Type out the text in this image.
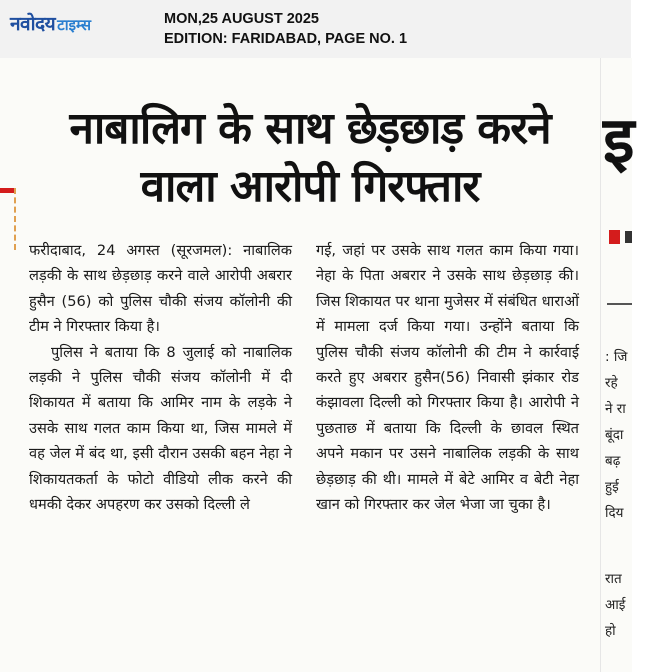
नवोदय टाइम्स	MON,25 AUGUST 2025
EDITION: FARIDABAD, PAGE NO. 1
नाबालिग के साथ छेड़छाड़ करने
वाला आरोपी गिरफ्तार

फरीदाबाद, 24 अगस्त (सूरजमल): नाबालिक लड़की के साथ छेड़छाड़ करने वाले आरोपी अबरार हुसैन (56) को पुलिस चौकी संजय कॉलोनी की टीम ने गिरफ्तार किया है।

पुलिस ने बताया कि 8 जुलाई को नाबालिक लड़की ने पुलिस चौकी संजय कॉलोनी में दी शिकायत में बताया कि आमिर नाम के लड़के ने उसके साथ गलत काम किया था, जिस मामले में वह जेल में बंद था, इसी दौरान उसकी बहन नेहा ने शिकायतकर्ता के फोटो वीडियो लीक करने की धमकी देकर अपहरण कर उसको दिल्ली ले

गई, जहां पर उसके साथ गलत काम किया गया। नेहा के पिता अबरार ने उसके साथ छेड़छाड़ की। जिस शिकायत पर थाना मुजेसर में संबंधित धाराओं में मामला दर्ज किया गया। उन्होंने बताया कि पुलिस चौकी संजय कॉलोनी की टीम ने कार्रवाई करते हुए अबरार हुसैन(56) निवासी झंकार रोड कंझावला दिल्ली को गिरफ्तार किया है। आरोपी ने पुछताछ में बताया कि दिल्ली के छावल स्थित अपने मकान पर उसने नाबालिक लड़की के साथ छेड़छाड़ की थी। मामले में बेटे आमिर व बेटी नेहा खान को गिरफ्तार कर जेल भेजा जा चुका है।

इ
: जि
रहे
ने रा
बूंदा
बढ़
हुई
दिय
रात
आई
हो
